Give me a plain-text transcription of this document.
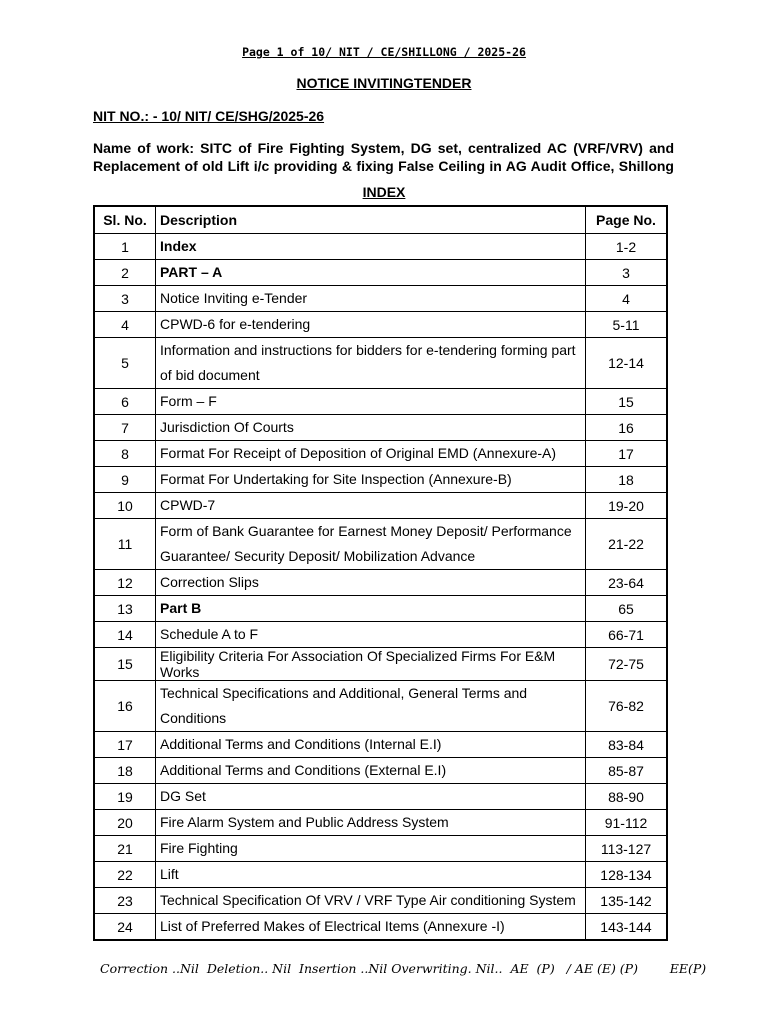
Page 1 of 10/ NIT / CE/SHILLONG / 2025-26
NOTICE INVITINGTENDER
NIT NO.: - 10/ NIT/ CE/SHG/2025-26
Name of work: SITC of Fire Fighting System, DG set, centralized AC (VRF/VRV) and
Replacement of old Lift i/c providing & fixing False Ceiling in AG Audit Office, Shillong
INDEX
Sl. No.	Description	Page No.
1	Index	1-2
2	PART – A	3
3	Notice Inviting e-Tender	4
4	CPWD-6 for e-tendering	5-11
5	Information and instructions for bidders for e-tendering forming part of bid document	12-14
6	Form – F	15
7	Jurisdiction Of Courts	16
8	Format For Receipt of Deposition of Original EMD (Annexure-A)	17
9	Format For Undertaking for Site Inspection (Annexure-B)	18
10	CPWD-7	19-20
11	Form of Bank Guarantee for Earnest Money Deposit/ Performance Guarantee/ Security Deposit/ Mobilization Advance	21-22
12	Correction Slips	23-64
13	Part B	65
14	Schedule A to F	66-71
15	Eligibility Criteria For Association Of Specialized Firms For E&M Works	72-75
16	Technical Specifications and Additional, General Terms and Conditions	76-82
17	Additional Terms and Conditions (Internal E.I)	83-84
18	Additional Terms and Conditions (External E.I)	85-87
19	DG Set	88-90
20	Fire Alarm System and Public Address System	91-112
21	Fire Fighting	113-127
22	Lift	128-134
23	Technical Specification Of VRV / VRF Type Air conditioning System	135-142
24	List of Preferred Makes of Electrical Items (Annexure -I)	143-144
Correction ..Nil  Deletion.. Nil  Insertion ..Nil Overwriting. Nil..  AE  (P)   / AE (E) (P)        EE(P)
